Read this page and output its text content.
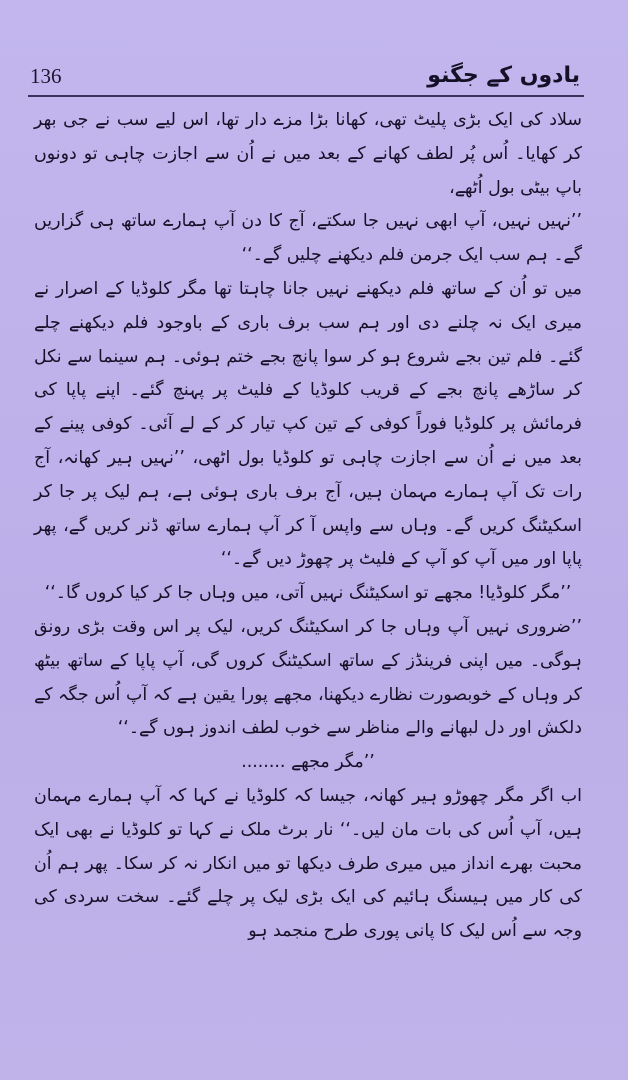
136	یادوں کے جگنو

سلاد کی ایک بڑی پلیٹ تھی، کھانا بڑا مزے دار تھا، اس لیے سب نے جی بھر کر کھایا۔ اُس پُر لطف کھانے کے بعد میں نے اُن سے اجازت چاہی تو دونوں باپ بیٹی بول اُٹھے،

’’نہیں نہیں، آپ ابھی نہیں جا سکتے، آج کا دن آپ ہمارے ساتھ ہی گزاریں گے۔ ہم سب ایک جرمن فلم دیکھنے چلیں گے۔‘‘

میں تو اُن کے ساتھ فلم دیکھنے نہیں جانا چاہتا تھا مگر کلوڈیا کے اصرار نے میری ایک نہ چلنے دی اور ہم سب برف باری کے باوجود فلم دیکھنے چلے گئے۔ فلم تین بجے شروع ہو کر سوا پانچ بجے ختم ہوئی۔ ہم سینما سے نکل کر ساڑھے پانچ بجے کے قریب کلوڈیا کے فلیٹ پر پہنچ گئے۔ اپنے پاپا کی فرمائش پر کلوڈیا فوراً کوفی کے تین کپ تیار کر کے لے آئی۔ کوفی پینے کے بعد میں نے اُن سے اجازت چاہی تو کلوڈیا بول اٹھی، ’’نہیں ہیر کھانہ، آج رات تک آپ ہمارے مہمان ہیں، آج برف باری ہوئی ہے، ہم لیک پر جا کر اسکیٹنگ کریں گے۔ وہاں سے واپس آ کر آپ ہمارے ساتھ ڈنر کریں گے، پھر پاپا اور میں آپ کو آپ کے فلیٹ پر چھوڑ دیں گے۔‘‘

’’مگر کلوڈیا! مجھے تو اسکیٹنگ نہیں آتی، میں وہاں جا کر کیا کروں گا۔‘‘

’’ضروری نہیں آپ وہاں جا کر اسکیٹنگ کریں، لیک پر اس وقت بڑی رونق ہوگی۔ میں اپنی فرینڈز کے ساتھ اسکیٹنگ کروں گی، آپ پاپا کے ساتھ بیٹھ کر وہاں کے خوبصورت نظارے دیکھنا، مجھے پورا یقین ہے کہ آپ اُس جگہ کے دلکش اور دل لبھانے والے مناظر سے خوب لطف اندوز ہوں گے۔‘‘

’’مگر مجھے ........

اب اگر مگر چھوڑو ہیر کھانہ، جیسا کہ کلوڈیا نے کہا کہ آپ ہمارے مہمان ہیں، آپ اُس کی بات مان لیں۔‘‘ نار برٹ ملک نے کہا تو کلوڈیا نے بھی ایک محبت بھرے انداز میں میری طرف دیکھا تو میں انکار نہ کر سکا۔ پھر ہم اُن کی کار میں ہیسنگ ہائیم کی ایک بڑی لیک پر چلے گئے۔ سخت سردی کی وجہ سے اُس لیک کا پانی پوری طرح منجمد ہو
